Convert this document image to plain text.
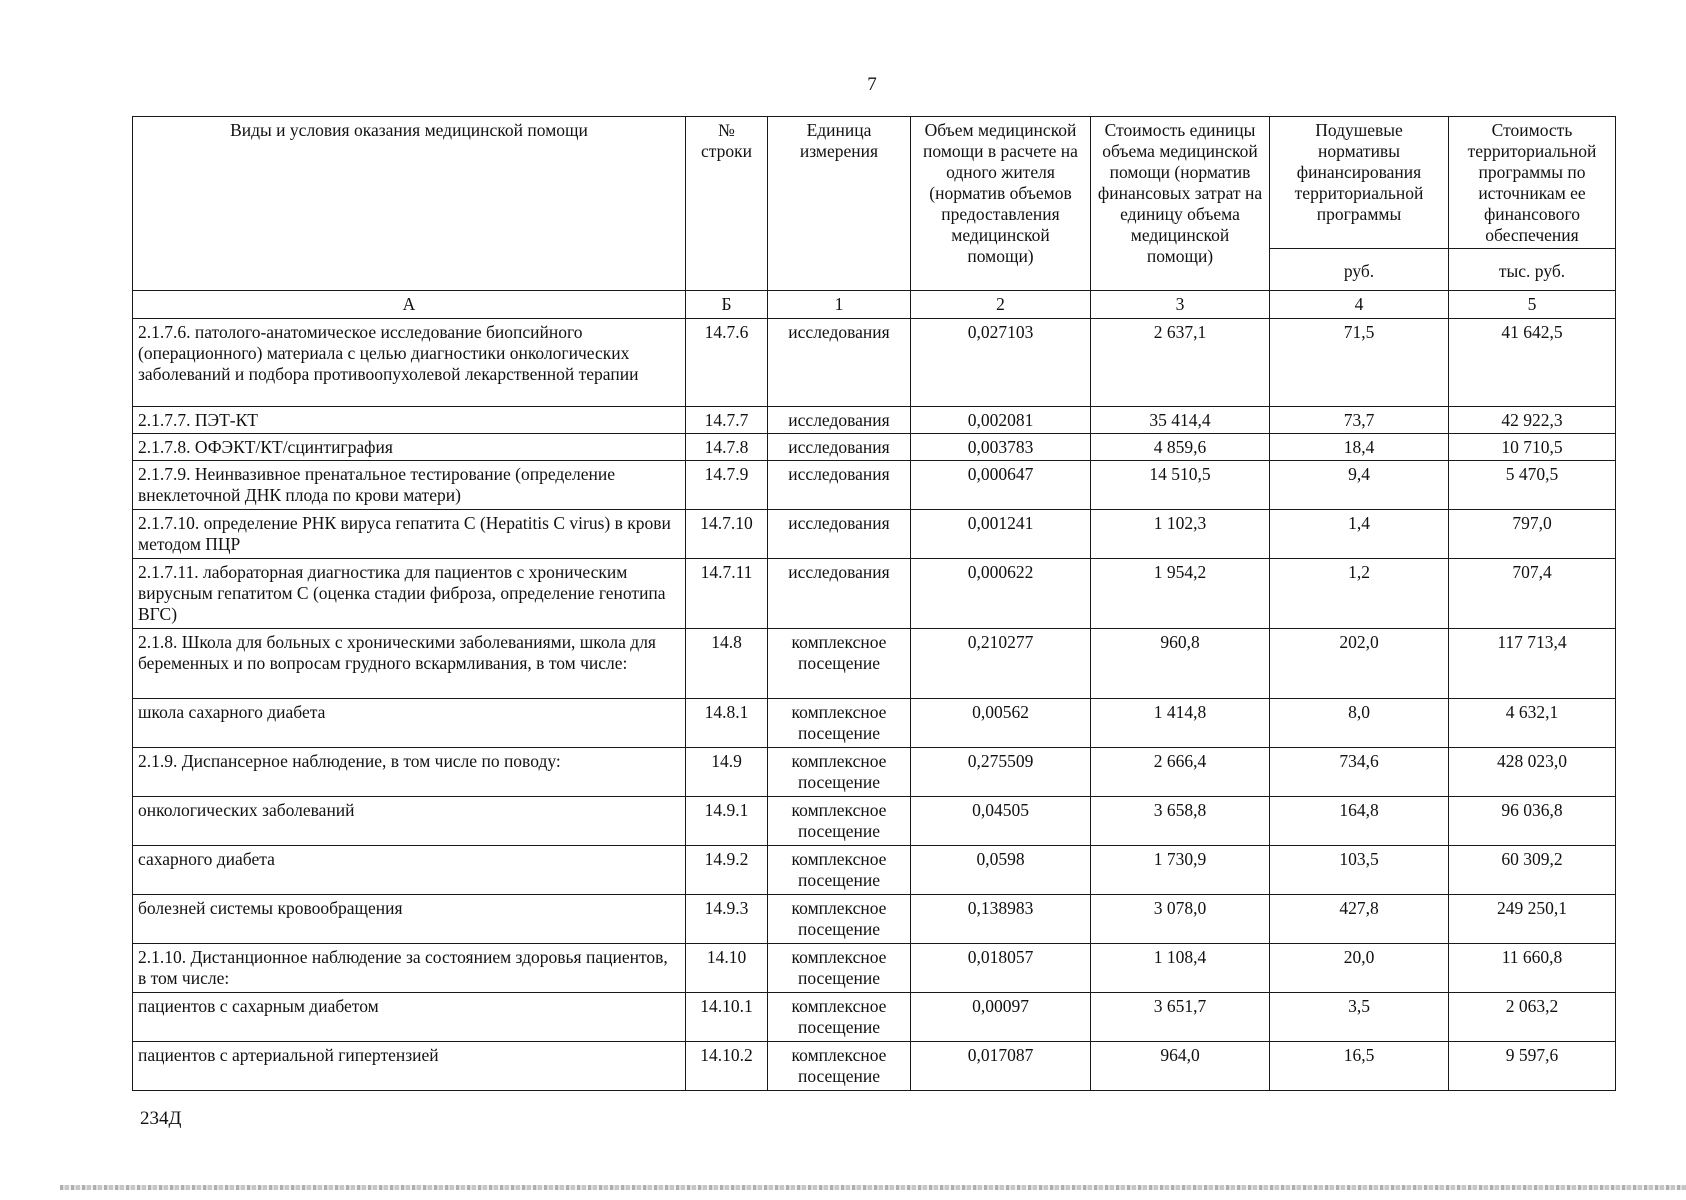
7
Виды и условия оказания медицинской помощи	№ строки	Единица измерения	Объем медицинской помощи в расчете на одного жителя (норматив объемов предоставления медицинской помощи)	Стоимость единицы объема медицинской помощи (норматив финансовых затрат на единицу объема медицинской помощи)	Подушевые нормативы финансирования территориальной программы	Стоимость территориальной программы по источникам ее финансового обеспечения
					руб.	тыс. руб.
А	Б	1	2	3	4	5
2.1.7.6. патолого-анатомическое исследование биопсийного (операционного) материала с целью диагностики онкологических заболеваний и подбора противоопухолевой лекарственной терапии	14.7.6	исследования	0,027103	2 637,1	71,5	41 642,5
2.1.7.7. ПЭТ-КТ	14.7.7	исследования	0,002081	35 414,4	73,7	42 922,3
2.1.7.8. ОФЭКТ/КТ/сцинтиграфия	14.7.8	исследования	0,003783	4 859,6	18,4	10 710,5
2.1.7.9. Неинвазивное пренатальное тестирование (определение внеклеточной ДНК плода по крови матери)	14.7.9	исследования	0,000647	14 510,5	9,4	5 470,5
2.1.7.10. определение РНК вируса гепатита C (Hepatitis C virus) в крови методом ПЦР	14.7.10	исследования	0,001241	1 102,3	1,4	797,0
2.1.7.11. лабораторная диагностика для пациентов с хроническим вирусным гепатитом C (оценка стадии фиброза, определение генотипа ВГС)	14.7.11	исследования	0,000622	1 954,2	1,2	707,4
2.1.8. Школа для больных с хроническими заболеваниями, школа для беременных и по вопросам грудного вскармливания, в том числе:	14.8	комплексное посещение	0,210277	960,8	202,0	117 713,4
школа сахарного диабета	14.8.1	комплексное посещение	0,00562	1 414,8	8,0	4 632,1
2.1.9. Диспансерное наблюдение, в том числе по поводу:	14.9	комплексное посещение	0,275509	2 666,4	734,6	428 023,0
онкологических заболеваний	14.9.1	комплексное посещение	0,04505	3 658,8	164,8	96 036,8
сахарного диабета	14.9.2	комплексное посещение	0,0598	1 730,9	103,5	60 309,2
болезней системы кровообращения	14.9.3	комплексное посещение	0,138983	3 078,0	427,8	249 250,1
2.1.10. Дистанционное наблюдение за состоянием здоровья пациентов, в том числе:	14.10	комплексное посещение	0,018057	1 108,4	20,0	11 660,8
пациентов с сахарным диабетом	14.10.1	комплексное посещение	0,00097	3 651,7	3,5	2 063,2
пациентов с артериальной гипертензией	14.10.2	комплексное посещение	0,017087	964,0	16,5	9 597,6
234Д
